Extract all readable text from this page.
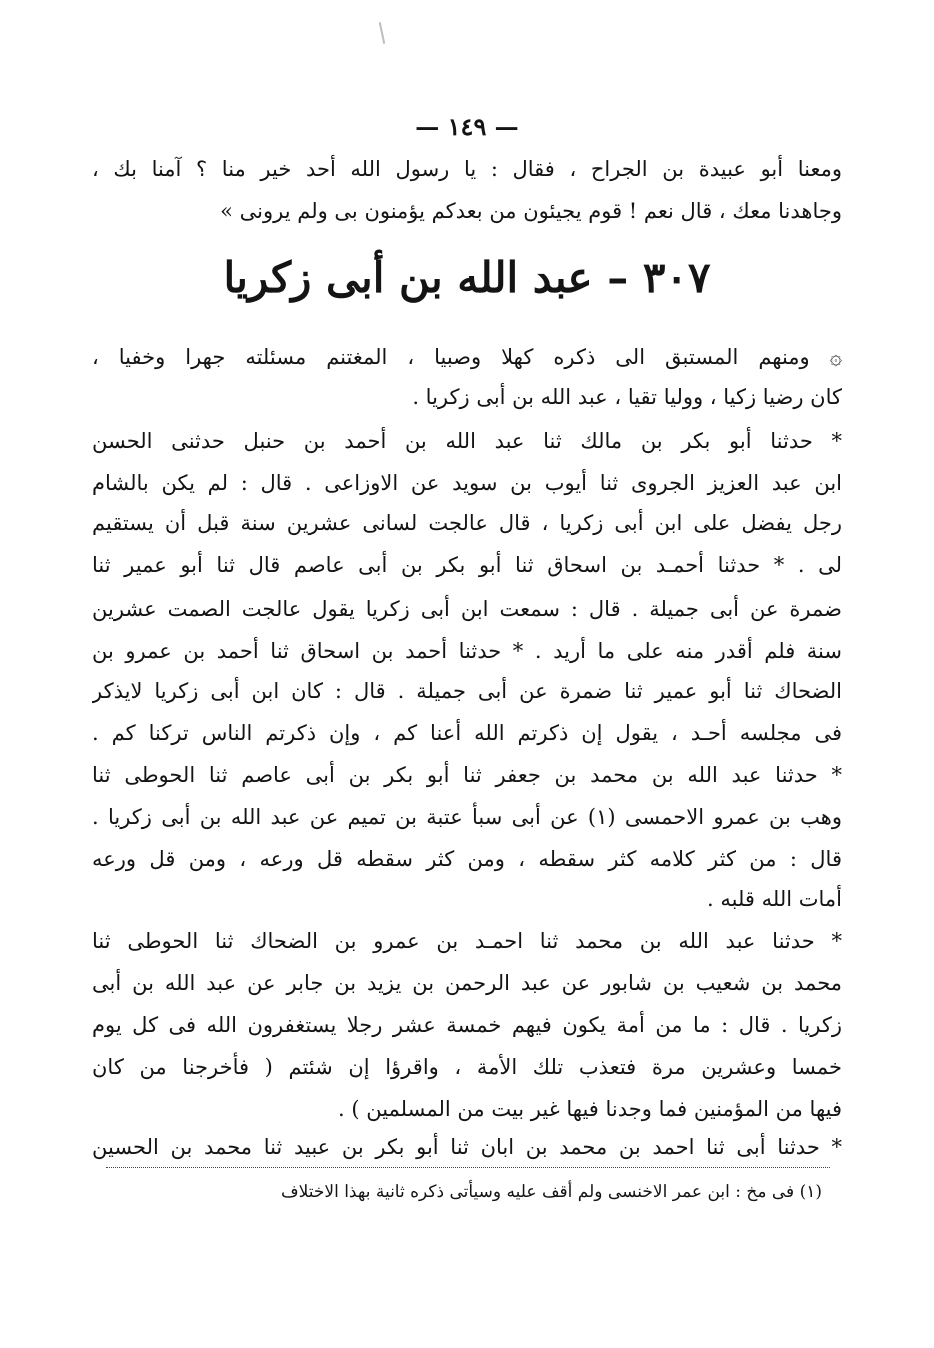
— ١٤٩ —
ومعنا أبو عبيدة بن الجراح ، فقال : يا رسول الله أحد خير منا ؟ آمنا بك ،
وجاهدنا معك ، قال نعم ! قوم يجيئون من بعدكم يؤمنون بى ولم يرونى »
٣٠٧ – عبد الله بن أبى زكريا
۞ ومنهم المستبق الى ذكره كهلا وصبيا ، المغتنم مسئلته جهرا وخفيا ،
كان رضيا زكيا ، ووليا تقيا ، عبد الله بن أبى زكريا .
* حدثنا أبو بكر بن مالك ثنا عبد الله بن أحمد بن حنبل حدثنى الحسن
ابن عبد العزيز الجروى ثنا أيوب بن سويد عن الاوزاعى . قال : لم يكن بالشام
رجل يفضل على ابن أبى زكريا ، قال عالجت لسانى عشرين سنة قبل أن يستقيم
لى . * حدثنا أحمـد بن اسحاق ثنا أبو بكر بن أبى عاصم قال ثنا أبو عمير ثنا
ضمرة عن أبى جميلة . قال : سمعت ابن أبى زكريا يقول عالجت الصمت عشرين
سنة فلم أقدر منه على ما أريد . * حدثنا أحمد بن اسحاق ثنا أحمد بن عمرو بن
الضحاك ثنا أبو عمير ثنا ضمرة عن أبى جميلة . قال : كان ابن أبى زكريا لايذكر
فى مجلسه أحـد ، يقول إن ذكرتم الله أعنا كم ، وإن ذكرتم الناس تركنا كم .
* حدثنا عبد الله بن محمد بن جعفر ثنا أبو بكر بن أبى عاصم ثنا الحوطى ثنا
وهب بن عمرو الاحمسى (١) عن أبى سبأ عتبة بن تميم عن عبد الله بن أبى زكريا .
قال : من كثر كلامه كثر سقطه ، ومن كثر سقطه قل ورعه ، ومن قل ورعه
أمات الله قلبه .
* حدثنا عبد الله بن محمد ثنا احمـد بن عمرو بن الضحاك ثنا الحوطى ثنا
محمد بن شعيب بن شابور عن عبد الرحمن بن يزيد بن جابر عن عبد الله بن أبى
زكريا . قال : ما من أمة يكون فيهم خمسة عشر رجلا يستغفرون الله فى كل يوم
خمسا وعشرين مرة فتعذب تلك الأمة ، واقرؤا إن شئتم ( فأخرجنا من كان
فيها من المؤمنين فما وجدنا فيها غير بيت من المسلمين ) .
* حدثنا أبى ثنا احمد بن محمد بن ابان ثنا أبو بكر بن عبيد ثنا محمد بن الحسين
(١) فى مخ : ابن عمر الاخنسى ولم أقف عليه وسيأتى ذكره ثانية بهذا الاختلاف
